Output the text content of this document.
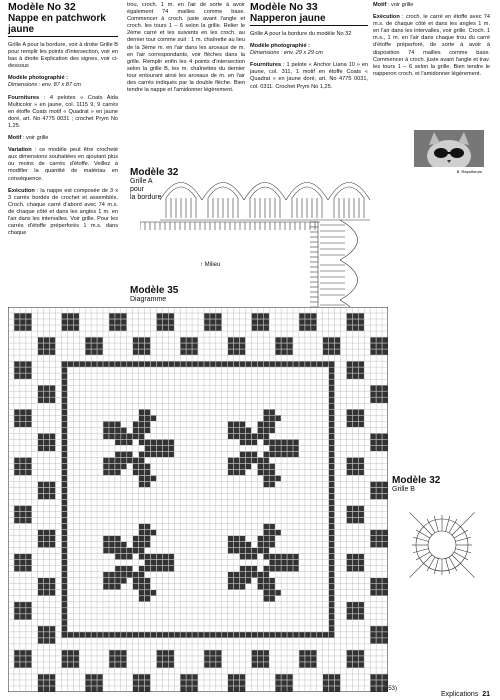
Modèle No 32
Nappe en patchwork jaune

Grille A pour la bordure, voir à droite Grille B pour remplir les points d'intersection, voir en bas à droite Explication des signes, voir ci-dessous

Modèle photographié :
Dimensions : env. 87 x 87 cm

Fournitures : 4 pelotes « Coats Aida Multicolor » en jaune, col. 1115 9, 9 carrés en étoffe Coats motif « Quadrat » en jaune doré, art. No 4775 0031 ; crochet Prym No 1,25.

Motif : voir grille

Variation : ce modèle peut être crocheté aux dimensions souhaitées en ajoutant plus ou moins de carrés d'étoffe. Veillez à modifier la quantité de matériau en conséquence.

Exécution : la nappe est composée de 3 x 3 carrés bordés de crochet et assemblés. Croch. chaque carré d'abord avec 74 m.s. de chaque côté et dans les angles 1 m. en l'air dans les intervalles. Voir grille. Pour les carrés d'étoffe préperforés 1 m.s. dans chaque

trou, croch. 1 m. en l'air de sorte à avoir également 74 mailles comme base. Commencer à croch. juste avant l'angle et croch. les tours 1 – 6 selon la grille. Relier le 2ème carré et les suivants en les croch. au dernier tour comme suit : 1 m. chaînette au lieu de la 3ème m. en l'air dans les arceaux de m. en l'air correspondants, voir flèches dans la grille. Remplir enfin les 4 points d'intersection selon la grille B, les m. chaînettes du dernier tour entourant ainsi les arceaux de m. en l'air des carrés indiqués par la double flèche. Bien tendre la nappe et l'amidonner légèrement.

Modèle No 33
Napperon jaune

Grille A pour la bordure du modèle No 32

Modèle photographié :
Dimensions : env. 29 x 29 cm

Fournitures : 1 pelote « Anchor Liana 10 » en jaune, col. 311, 1 motif en étoffe Coats « Quadrat » en jaune doré, art. No 4775 0031, col. 0311. Crochet Prym No 1,25.

Motif : voir grille

Exécution : croch. le carré en étoffe avec 74 m.s. de chaque côté et dans les angles 1 m. en l'air dans les intervalles, voir grille. Croch. 1 m.s., 1 m. en l'air dans chaque trou du carré d'étoffe préperforé, de sorte à avoir à disposition 74 mailles comme base. Commencer à croch. juste avant l'angle et trav. les tours 1 – 6 selon la grille. Bien tendre le napperon croch. et l'amidonner légèrement.

B. Rapsiforum
Modèle 32
Grille A
pour
la bordure
Modèle 35
Diagramme
↑ Milieu
Modèle 32
Grille B
(253)
Explications 21
